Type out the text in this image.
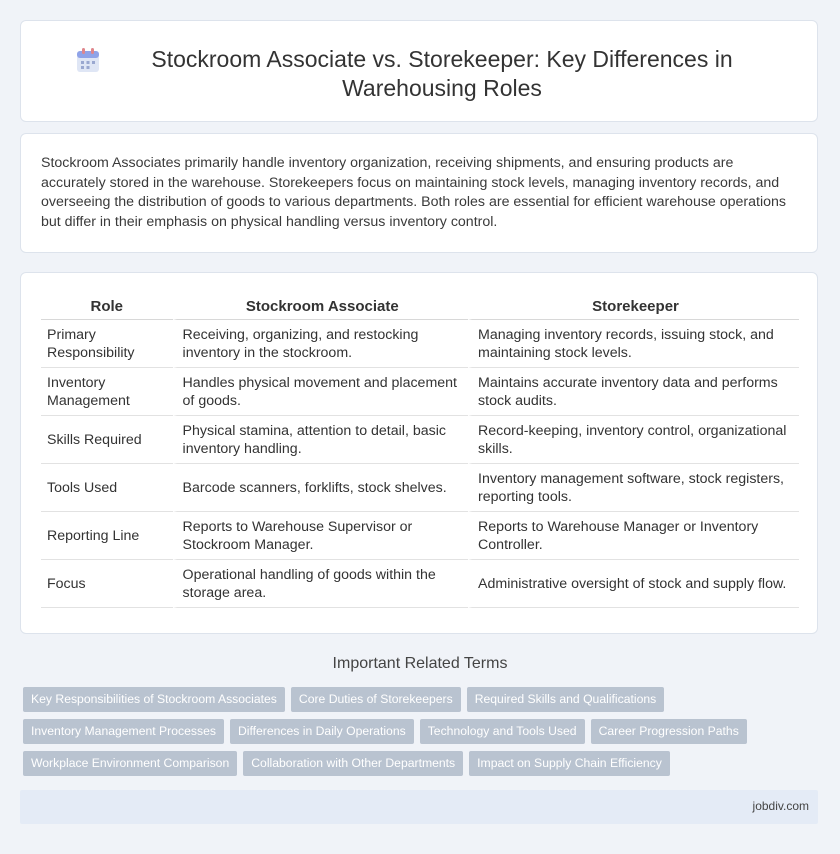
Stockroom Associate vs. Storekeeper: Key Differences in Warehousing Roles
Stockroom Associates primarily handle inventory organization, receiving shipments, and ensuring products are accurately stored in the warehouse. Storekeepers focus on maintaining stock levels, managing inventory records, and overseeing the distribution of goods to various departments. Both roles are essential for efficient warehouse operations but differ in their emphasis on physical handling versus inventory control.
Role	Stockroom Associate	Storekeeper
Primary Responsibility	Receiving, organizing, and restocking inventory in the stockroom.	Managing inventory records, issuing stock, and maintaining stock levels.
Inventory Management	Handles physical movement and placement of goods.	Maintains accurate inventory data and performs stock audits.
Skills Required	Physical stamina, attention to detail, basic inventory handling.	Record-keeping, inventory control, organizational skills.
Tools Used	Barcode scanners, forklifts, stock shelves.	Inventory management software, stock registers, reporting tools.
Reporting Line	Reports to Warehouse Supervisor or Stockroom Manager.	Reports to Warehouse Manager or Inventory Controller.
Focus	Operational handling of goods within the storage area.	Administrative oversight of stock and supply flow.
Important Related Terms
Key Responsibilities of Stockroom Associates	Core Duties of Storekeepers	Required Skills and Qualifications
Inventory Management Processes	Differences in Daily Operations	Technology and Tools Used	Career Progression Paths
Workplace Environment Comparison	Collaboration with Other Departments	Impact on Supply Chain Efficiency
jobdiv.com
